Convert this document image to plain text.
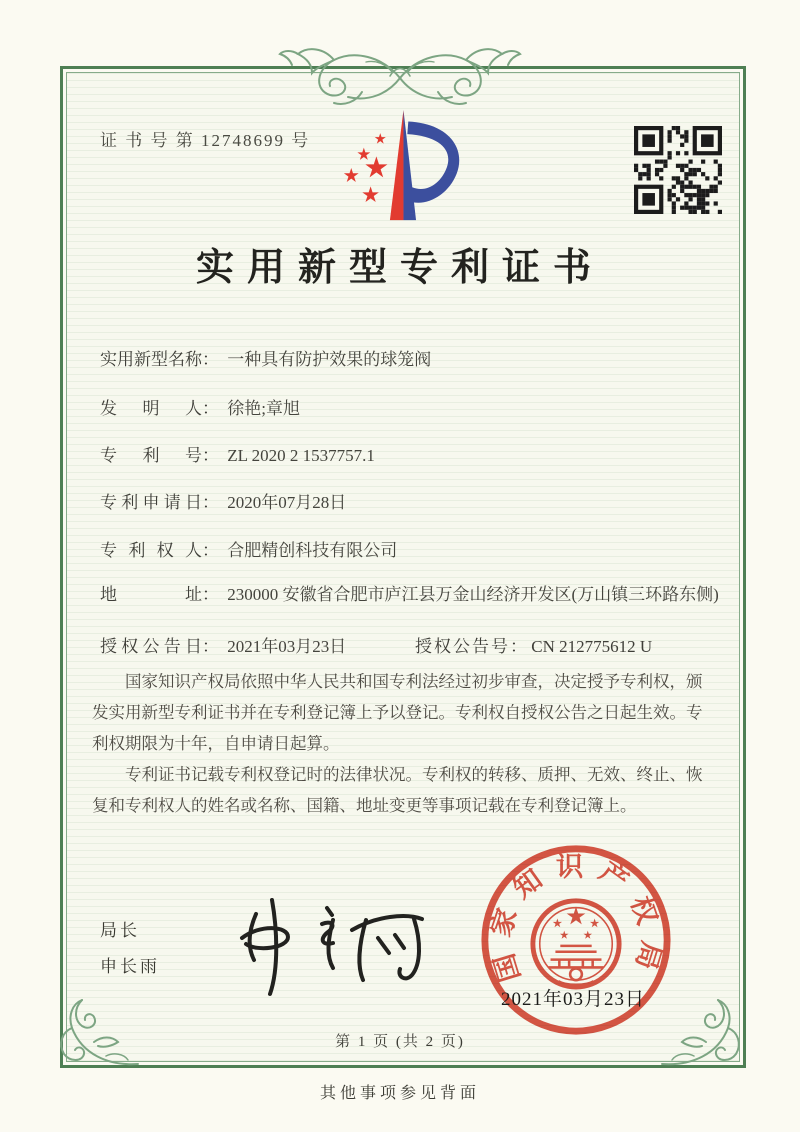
证 书 号 第 12748699 号
实用新型专利证书
实用新型名称： 一种具有防护效果的球笼阀
发明人： 徐艳;章旭
专利号： ZL 2020 2 1537757.1
专利申请日： 2020年07月28日
专利权人： 合肥精创科技有限公司
地址： 230000 安徽省合肥市庐江县万金山经济开发区(万山镇三环路东侧)
授权公告日： 2021年03月23日	授权公告号： CN 212775612 U

国家知识产权局依照中华人民共和国专利法经过初步审查，决定授予专利权，颁发实用新型专利证书并在专利登记簿上予以登记。专利权自授权公告之日起生效。专利权期限为十年，自申请日起算。

专利证书记载专利权登记时的法律状况。专利权的转移、质押、无效、终止、恢复和专利权人的姓名或名称、国籍、地址变更等事项记载在专利登记簿上。

局长
申长雨	国家知识产权局
2021年03月23日
第 1 页 (共 2 页)
其他事项参见背面
